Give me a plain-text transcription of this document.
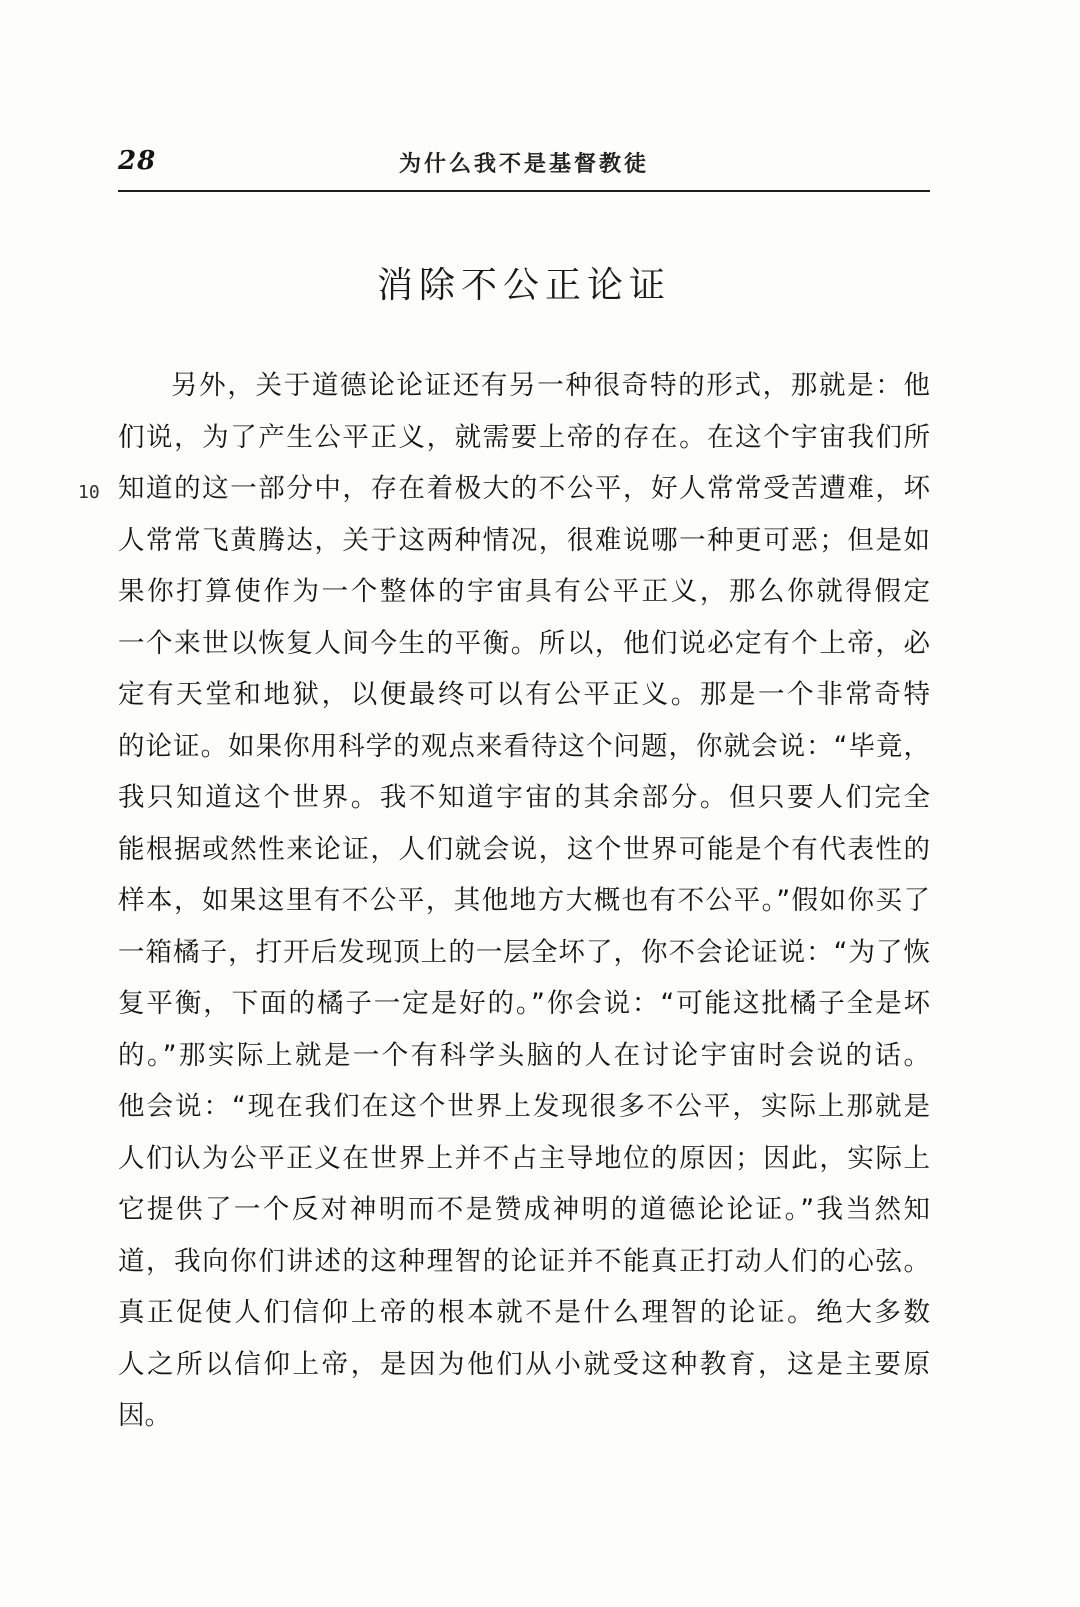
28	为什么我不是基督教徒
消除不公正论证
10
另外，关于道德论论证还有另一种很奇特的形式，那就是：他
们说，为了产生公平正义，就需要上帝的存在。在这个宇宙我们所
知道的这一部分中，存在着极大的不公平，好人常常受苦遭难，坏
人常常飞黄腾达，关于这两种情况，很难说哪一种更可恶；但是如
果你打算使作为一个整体的宇宙具有公平正义，那么你就得假定
一个来世以恢复人间今生的平衡。所以，他们说必定有个上帝，必
定有天堂和地狱，以便最终可以有公平正义。那是一个非常奇特
的论证。如果你用科学的观点来看待这个问题，你就会说：“毕竟，
我只知道这个世界。我不知道宇宙的其余部分。但只要人们完全
能根据或然性来论证，人们就会说，这个世界可能是个有代表性的
样本，如果这里有不公平，其他地方大概也有不公平。”假如你买了
一箱橘子，打开后发现顶上的一层全坏了，你不会论证说：“为了恢
复平衡，下面的橘子一定是好的。”你会说：“可能这批橘子全是坏
的。”那实际上就是一个有科学头脑的人在讨论宇宙时会说的话。
他会说：“现在我们在这个世界上发现很多不公平，实际上那就是
人们认为公平正义在世界上并不占主导地位的原因；因此，实际上
它提供了一个反对神明而不是赞成神明的道德论论证。”我当然知
道，我向你们讲述的这种理智的论证并不能真正打动人们的心弦。
真正促使人们信仰上帝的根本就不是什么理智的论证。绝大多数
人之所以信仰上帝，是因为他们从小就受这种教育，这是主要原
因。
